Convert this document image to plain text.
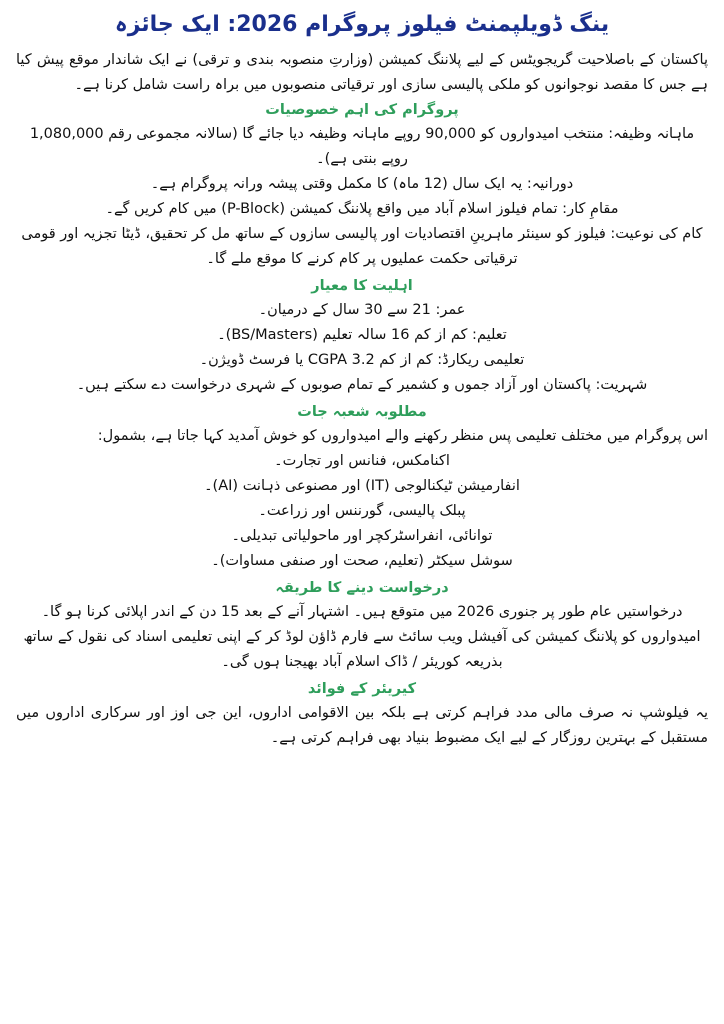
ینگ ڈویلپمنٹ فیلوز پروگرام 2026: ایک جائزہ

پاکستان کے باصلاحیت گریجویٹس کے لیے پلاننگ کمیشن (وزارتِ منصوبہ بندی و ترقی) نے ایک شاندار موقع پیش کیا ہے جس کا مقصد نوجوانوں کو ملکی پالیسی سازی اور ترقیاتی منصوبوں میں براہ راست شامل کرنا ہے۔

پروگرام کی اہم خصوصیات
ماہانہ وظیفہ: منتخب امیدواروں کو 90,000 روپے ماہانہ وظیفہ دیا جائے گا (سالانہ مجموعی رقم 1,080,000 روپے بنتی ہے)۔
دورانیہ: یہ ایک سال (12 ماہ) کا مکمل وقتی پیشہ ورانہ پروگرام ہے۔
مقامِ کار: تمام فیلوز اسلام آباد میں واقع پلاننگ کمیشن (P-Block) میں کام کریں گے۔
کام کی نوعیت: فیلوز کو سینئر ماہرینِ اقتصادیات اور پالیسی سازوں کے ساتھ مل کر تحقیق، ڈیٹا تجزیہ اور قومی ترقیاتی حکمت عملیوں پر کام کرنے کا موقع ملے گا۔
اہلیت کا معیار
عمر: 21 سے 30 سال کے درمیان۔
تعلیم: کم از کم 16 سالہ تعلیم (BS/Masters)۔
تعلیمی ریکارڈ: کم از کم CGPA 3.2 یا فرسٹ ڈویژن۔
شہریت: پاکستان اور آزاد جموں و کشمیر کے تمام صوبوں کے شہری درخواست دے سکتے ہیں۔
مطلوبہ شعبہ جات

اس پروگرام میں مختلف تعلیمی پس منظر رکھنے والے امیدواروں کو خوش آمدید کہا جاتا ہے، بشمول:

اکنامکس، فنانس اور تجارت۔
انفارمیشن ٹیکنالوجی (IT) اور مصنوعی ذہانت (AI)۔
پبلک پالیسی، گورننس اور زراعت۔
توانائی، انفراسٹرکچر اور ماحولیاتی تبدیلی۔
سوشل سیکٹر (تعلیم، صحت اور صنفی مساوات)۔
درخواست دینے کا طریقہ
درخواستیں عام طور پر جنوری 2026 میں متوقع ہیں۔ اشتہار آنے کے بعد 15 دن کے اندر اپلائی کرنا ہو گا۔
امیدواروں کو پلاننگ کمیشن کی آفیشل ویب سائٹ سے فارم ڈاؤن لوڈ کر کے اپنی تعلیمی اسناد کی نقول کے ساتھ بذریعہ کوریئر / ڈاک اسلام آباد بھیجنا ہوں گی۔
کیریئر کے فوائد

یہ فیلوشپ نہ صرف مالی مدد فراہم کرتی ہے بلکہ بین الاقوامی اداروں، این جی اوز اور سرکاری اداروں میں مستقبل کے بہترین روزگار کے لیے ایک مضبوط بنیاد بھی فراہم کرتی ہے۔
